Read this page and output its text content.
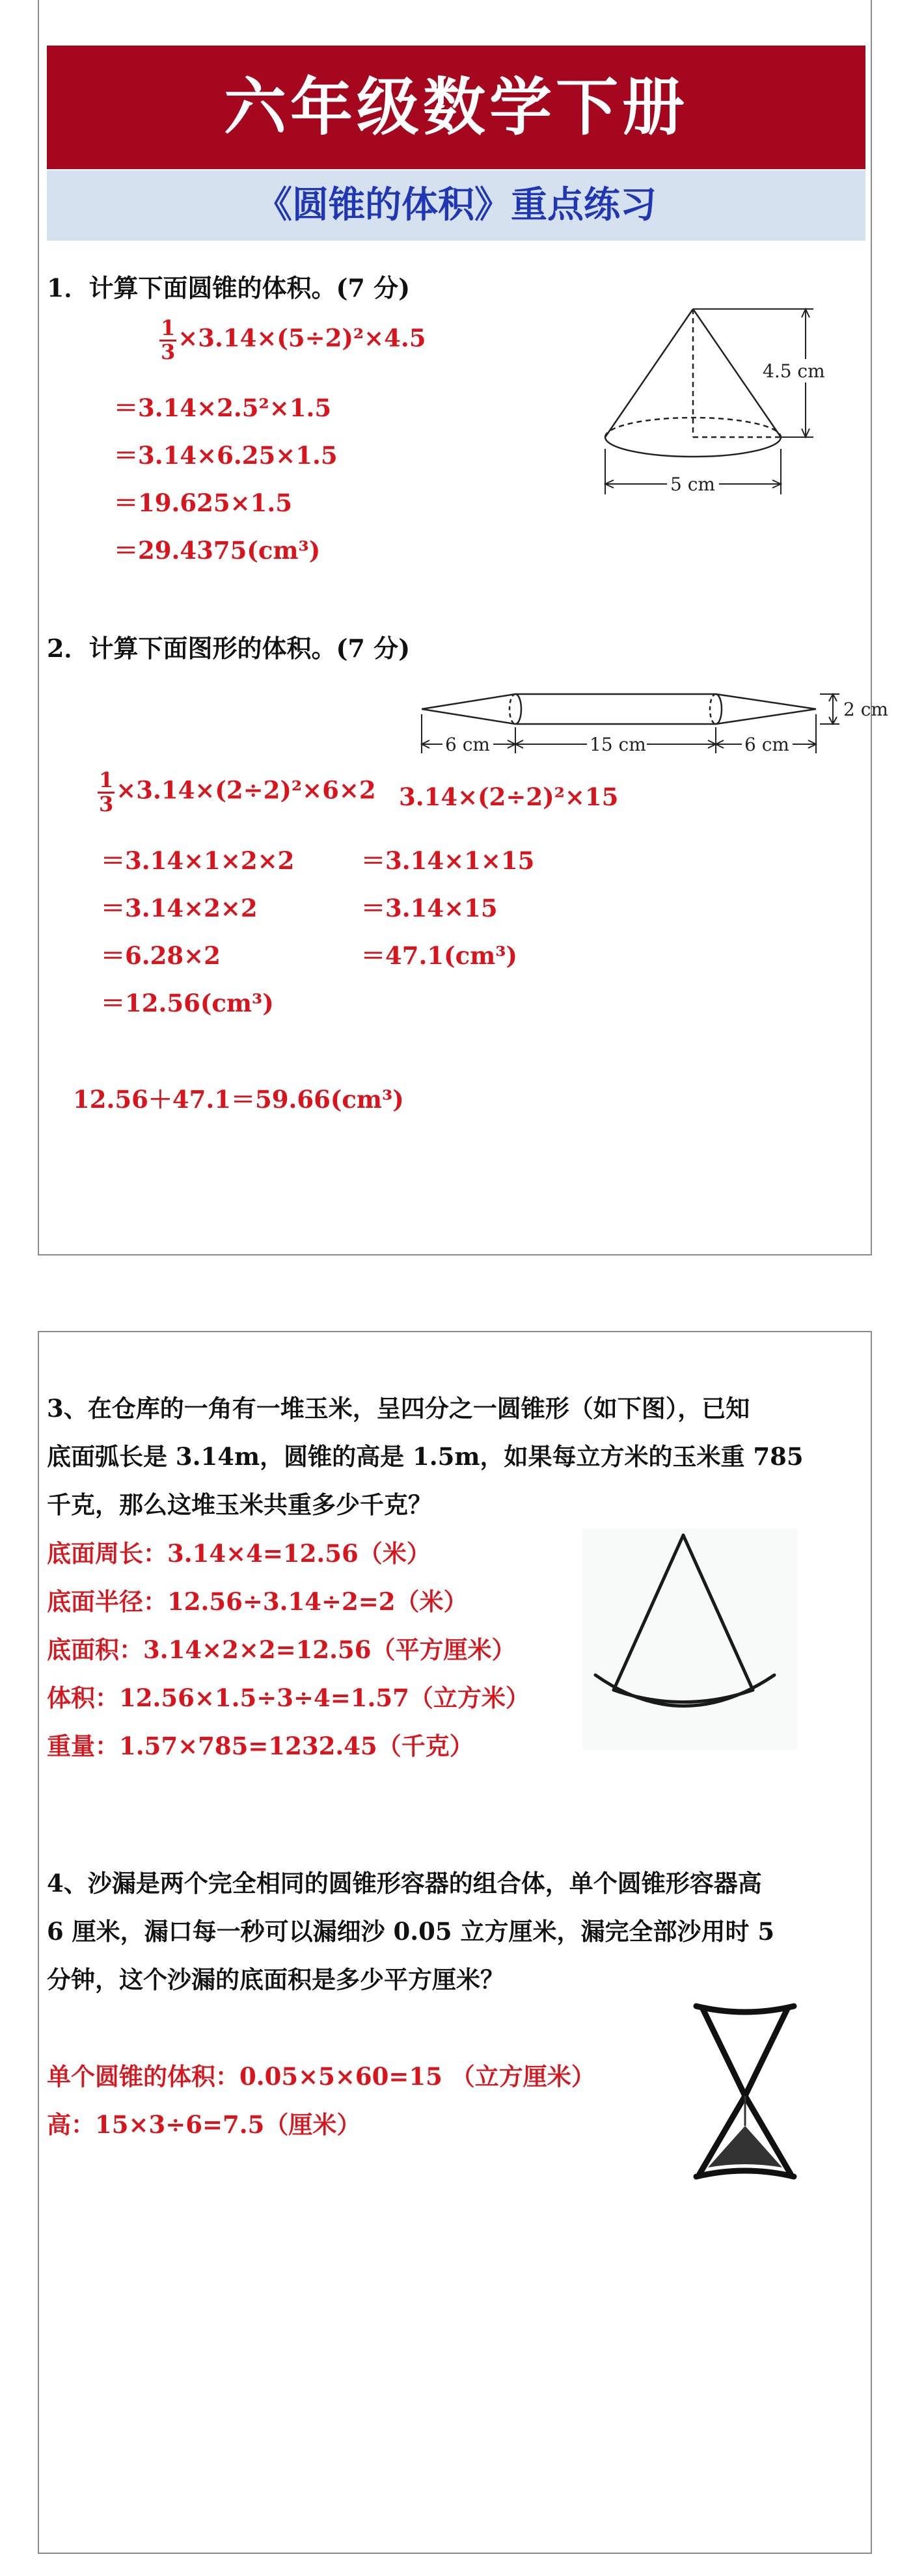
六年级数学下册
《圆锥的体积》重点练习
1．计算下面圆锥的体积。(7 分)
$\frac{1}{3} \times 3.14\times(5\div 2)^2\times 4.5$
＝3.14×2.5²×1.5
＝3.14×6.25×1.5
＝19.625×1.5
＝29.4375(cm³)
4.5 cm
5 cm
2．计算下面图形的体积。(7 分)
6 cm	15 cm	6 cm
2 cm
$\frac{1}{3} \times 3.14\times(2\div 2)^2\times 6\times 2$
＝3.14×1×2×2
＝3.14×2×2
＝6.28×2
＝12.56(cm³)
3.14×(2÷2)²×15
＝3.14×1×15
＝3.14×15
＝47.1(cm³)
12.56＋47.1＝59.66(cm³)
3、在仓库的一角有一堆玉米，呈四分之一圆锥形（如下图），已知
底面弧长是 3.14m，圆锥的高是 1.5m，如果每立方米的玉米重 785
千克，那么这堆玉米共重多少千克？
底面周长：3.14×4=12.56（米）
底面半径：12.56÷3.14÷2=2（米）
底面积：3.14×2×2=12.56（平方厘米）
体积：12.56×1.5÷3÷4=1.57（立方米）
重量：1.57×785=1232.45（千克）
4、沙漏是两个完全相同的圆锥形容器的组合体，单个圆锥形容器高
6 厘米，漏口每一秒可以漏细沙 0.05 立方厘米，漏完全部沙用时 5
分钟，这个沙漏的底面积是多少平方厘米？
单个圆锥的体积：0.05×5×60=15 （立方厘米）
高：15×3÷6=7.5（厘米）
